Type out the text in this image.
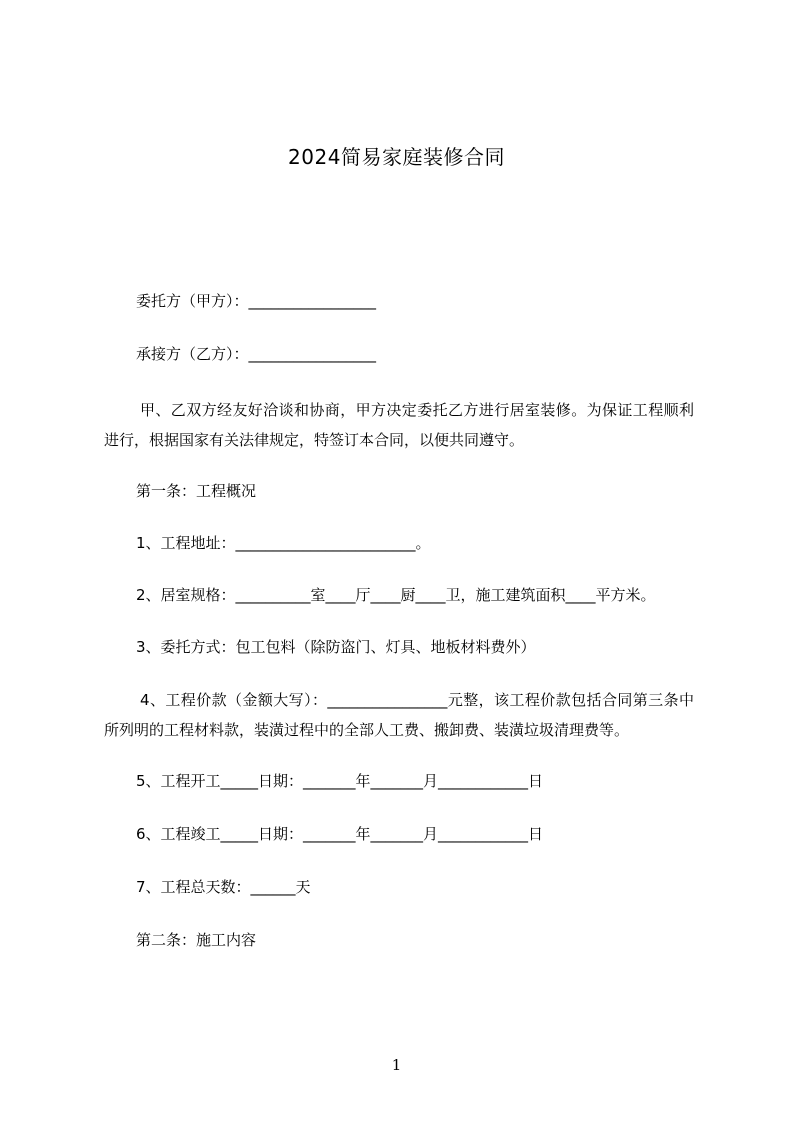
2024简易家庭装修合同
委托方（甲方）：_________________
承接方（乙方）：_________________
甲、乙双方经友好洽谈和协商，甲方决定委托乙方进行居室装修。为保证工程顺利进行，根据国家有关法律规定，特签订本合同，以便共同遵守。
第一条：工程概况
1、工程地址：________________________。
2、居室规格：__________室____厅____厨____卫，施工建筑面积____平方米。
3、委托方式：包工包料（除防盗门、灯具、地板材料费外）
4、工程价款（金额大写）：________________元整，该工程价款包括合同第三条中所列明的工程材料款，装潢过程中的全部人工费、搬卸费、装潢垃圾清理费等。
5、工程开工_____日期：_______年_______月____________日
6、工程竣工_____日期：_______年_______月____________日
7、工程总天数：______天
第二条：施工内容
1
